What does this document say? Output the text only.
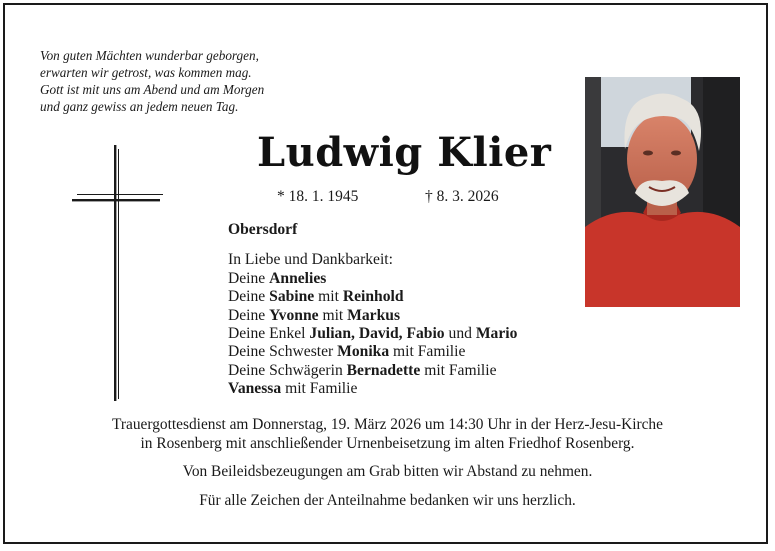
Von guten Mächten wunderbar geborgen,
erwarten wir getrost, was kommen mag.
Gott ist mit uns am Abend und am Morgen
und ganz gewiss an jedem neuen Tag.
Ludwig Klier
* 18. 1. 1945	† 8. 3. 2026
Obersdorf
In Liebe und Dankbarkeit:
Deine Annelies
Deine Sabine mit Reinhold
Deine Yvonne mit Markus
Deine Enkel Julian, David, Fabio und Mario
Deine Schwester Monika mit Familie
Deine Schwägerin Bernadette mit Familie
Vanessa mit Familie
Trauergottesdienst am Donnerstag, 19. März 2026 um 14:30 Uhr in der Herz-Jesu-Kirche
in Rosenberg mit anschließender Urnenbeisetzung im alten Friedhof Rosenberg.
Von Beileidsbezeugungen am Grab bitten wir Abstand zu nehmen.
Für alle Zeichen der Anteilnahme bedanken wir uns herzlich.
